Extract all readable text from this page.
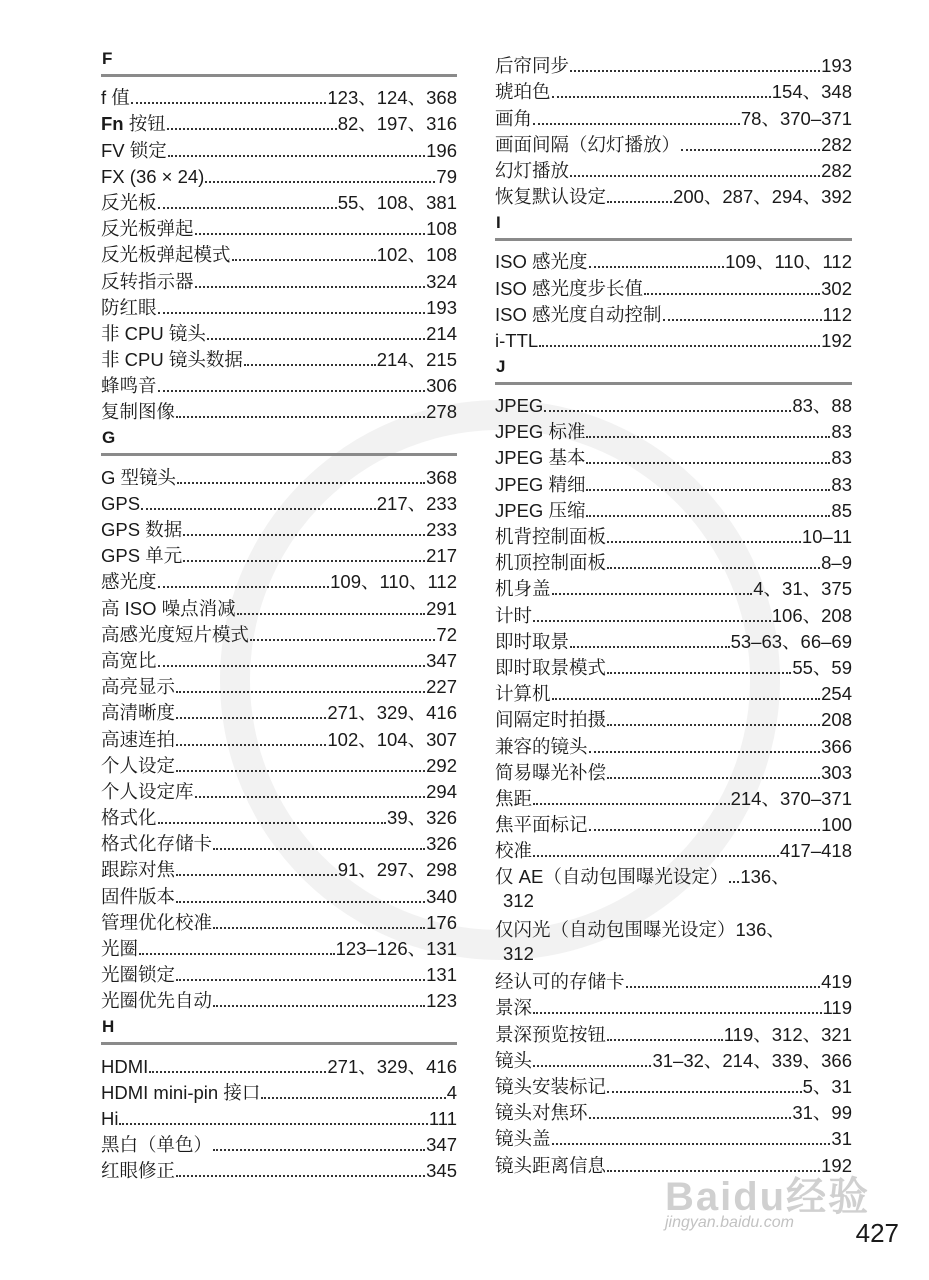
F
f 值	123、124、368
Fn 按钮	82、197、316
FV 锁定	196
FX (36 × 24)	79
反光板	55、108、381
反光板弹起	108
反光板弹起模式	102、108
反转指示器	324
防红眼	193
非 CPU 镜头	214
非 CPU 镜头数据	214、215
蜂鸣音	306
复制图像	278
G
G 型镜头	368
GPS	217、233
GPS 数据	233
GPS 单元	217
感光度	109、110、112
高 ISO 噪点消减	291
高感光度短片模式	72
高宽比	347
高亮显示	227
高清晰度	271、329、416
高速连拍	102、104、307
个人设定	292
个人设定库	294
格式化	39、326
格式化存储卡	326
跟踪对焦	91、297、298
固件版本	340
管理优化校准	176
光圈	123–126、131
光圈锁定	131
光圈优先自动	123
H
HDMI	271、329、416
HDMI mini-pin 接口	4
Hi	111
黑白（单色）	347
红眼修正	345
后帘同步	193
琥珀色	154、348
画角	78、370–371
画面间隔（幻灯播放）	282
幻灯播放	282
恢复默认设定	200、287、294、392
I
ISO 感光度	109、110、112
ISO 感光度步长值	302
ISO 感光度自动控制	112
i-TTL	192
J
JPEG	83、88
JPEG 标准	83
JPEG 基本	83
JPEG 精细	83
JPEG 压缩	85
机背控制面板	10–11
机顶控制面板	8–9
机身盖	4、31、375
计时	106、208
即时取景	53–63、66–69
即时取景模式	55、59
计算机	254
间隔定时拍摄	208
兼容的镜头	366
简易曝光补偿	303
焦距	214、370–371
焦平面标记	100
校准	417–418
仅 AE（自动包围曝光设定） 136、
312
仅闪光（自动包围曝光设定） 136、
312
经认可的存储卡	419
景深	119
景深预览按钮	119、312、321
镜头	31–32、214、339、366
镜头安装标记	5、31
镜头对焦环	31、99
镜头盖	31
镜头距离信息	192
Baidu经验
jingyan.baidu.com 427
